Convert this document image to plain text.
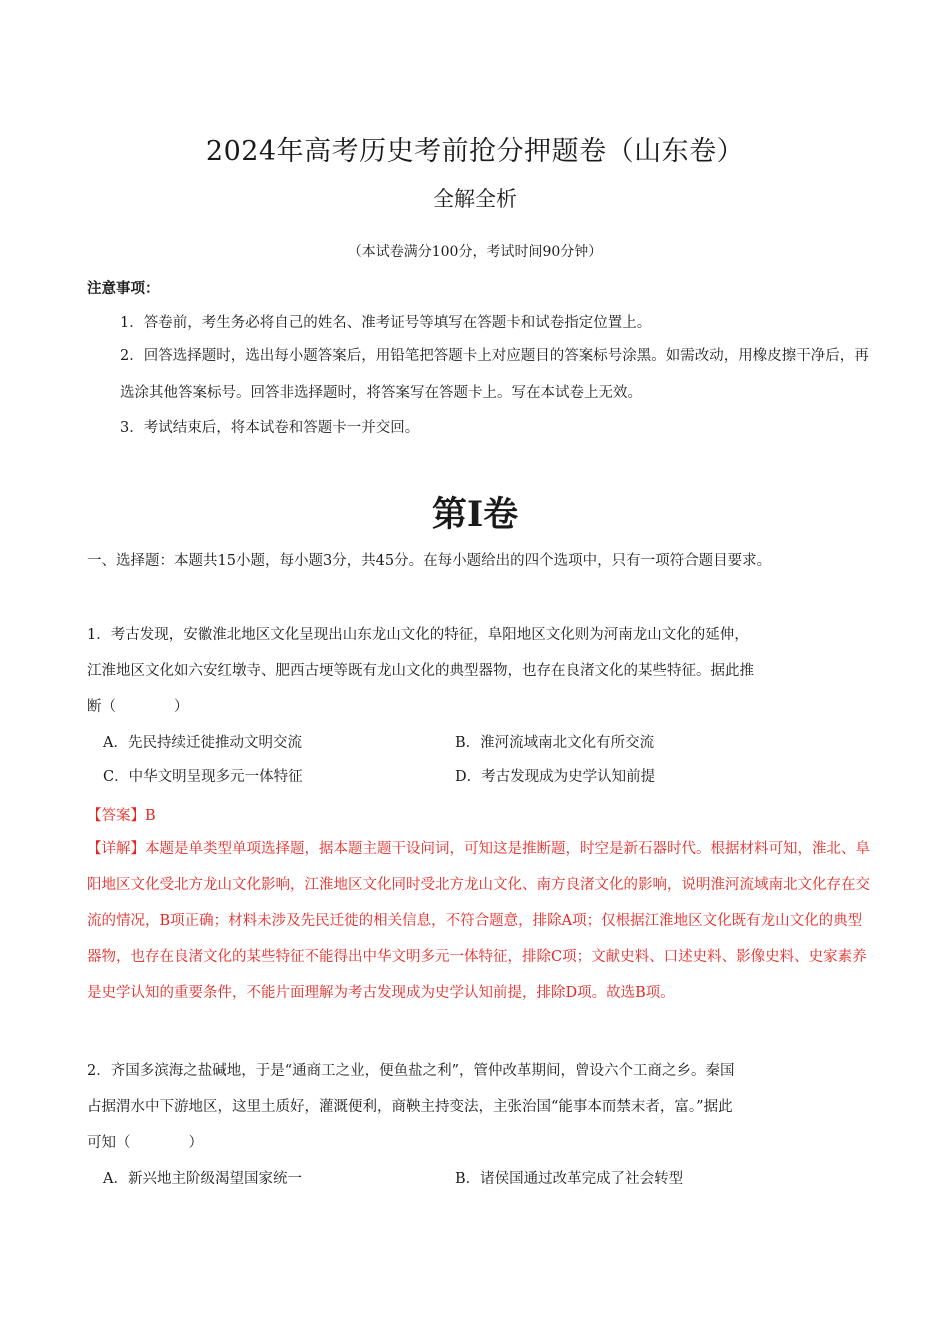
2024年高考历史考前抢分押题卷（山东卷）
全解全析
（本试卷满分100分，考试时间90分钟）
注意事项：
1．答卷前，考生务必将自己的姓名、准考证号等填写在答题卡和试卷指定位置上。
2．回答选择题时，选出每小题答案后，用铅笔把答题卡上对应题目的答案标号涂黑。如需改动，用橡皮擦干净后，再选涂其他答案标号。回答非选择题时，将答案写在答题卡上。写在本试卷上无效。
3．考试结束后，将本试卷和答题卡一并交回。
第Ⅰ卷
一、选择题：本题共15小题，每小题3分，共45分。在每小题给出的四个选项中，只有一项符合题目要求。
1．考古发现，安徽淮北地区文化呈现出山东龙山文化的特征，阜阳地区文化则为河南龙山文化的延伸，
江淮地区文化如六安红墩寺、肥西古埂等既有龙山文化的典型器物，也存在良渚文化的某些特征。据此推
断（　　　　）
A．先民持续迁徙推动文明交流	B．淮河流域南北文化有所交流
C．中华文明呈现多元一体特征	D．考古发现成为史学认知前提
【答案】B
【详解】本题是单类型单项选择题，据本题主题干设问词，可知这是推断题，时空是新石器时代。根据材料可知，淮北、阜阳地区文化受北方龙山文化影响，江淮地区文化同时受北方龙山文化、南方良渚文化的影响，说明淮河流域南北文化存在交流的情况，B项正确；材料未涉及先民迁徙的相关信息，不符合题意，排除A项；仅根据江淮地区文化既有龙山文化的典型器物，也存在良渚文化的某些特征不能得出中华文明多元一体特征，排除C项；文献史料、口述史料、影像史料、史家素养是史学认知的重要条件，不能片面理解为考古发现成为史学认知前提，排除D项。故选B项。
2．齐国多滨海之盐碱地，于是“通商工之业，便鱼盐之利”，管仲改革期间，曾设六个工商之乡。秦国
占据渭水中下游地区，这里土质好，灌溉便利，商鞅主持变法，主张治国“能事本而禁末者，富。”据此
可知（　　　　）
A．新兴地主阶级渴望国家统一	B．诸侯国通过改革完成了社会转型
